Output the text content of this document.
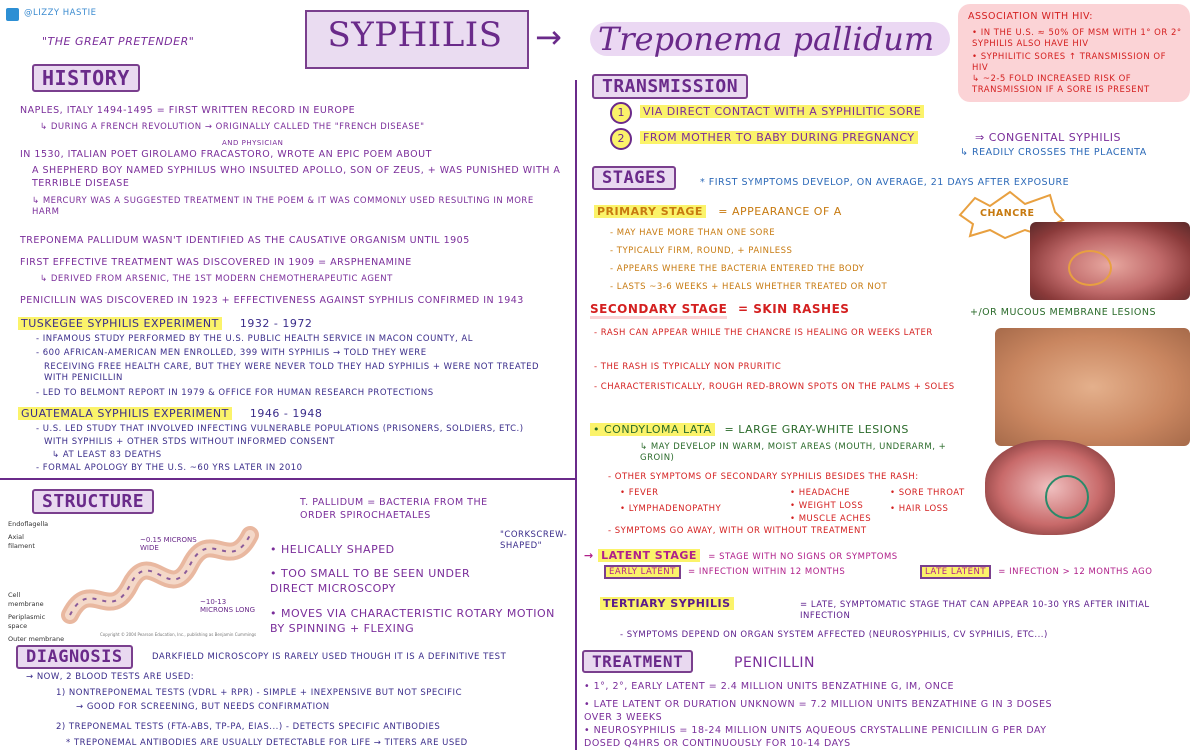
@LIZZY HASTIE
"THE GREAT PRETENDER"	SYPHILIS	→ Treponema pallidum
ASSOCIATION WITH HIV:
• IN THE U.S. ≈ 50% OF MSM WITH 1° OR 2° SYPHILIS ALSO HAVE HIV
• SYPHILITIC SORES ↑ TRANSMISSION OF HIV
↳ ~2-5 FOLD INCREASED RISK OF TRANSMISSION IF A SORE IS PRESENT
HISTORY
NAPLES, ITALY 1494-1495 = FIRST WRITTEN RECORD IN EUROPE
↳ DURING A FRENCH REVOLUTION → ORIGINALLY CALLED THE "FRENCH DISEASE"
AND PHYSICIAN
IN 1530, ITALIAN POET GIROLAMO FRACASTORO, WROTE AN EPIC POEM ABOUT
A SHEPHERD BOY NAMED SYPHILUS WHO INSULTED APOLLO, SON OF ZEUS, + WAS PUNISHED WITH A TERRIBLE DISEASE
↳ MERCURY WAS A SUGGESTED TREATMENT IN THE POEM & IT WAS COMMONLY USED RESULTING IN MORE HARM
TREPONEMA PALLIDUM WASN'T IDENTIFIED AS THE CAUSATIVE ORGANISM UNTIL 1905
FIRST EFFECTIVE TREATMENT WAS DISCOVERED IN 1909 = ARSPHENAMINE
↳ DERIVED FROM ARSENIC, THE 1ST MODERN CHEMOTHERAPEUTIC AGENT
PENICILLIN WAS DISCOVERED IN 1923 + EFFECTIVENESS AGAINST SYPHILIS CONFIRMED IN 1943
TUSKEGEE SYPHILIS EXPERIMENT 1932 - 1972
- INFAMOUS STUDY PERFORMED BY THE U.S. PUBLIC HEALTH SERVICE IN MACON COUNTY, AL
- 600 AFRICAN-AMERICAN MEN ENROLLED, 399 WITH SYPHILIS → TOLD THEY WERE
RECEIVING FREE HEALTH CARE, BUT THEY WERE NEVER TOLD THEY HAD SYPHILIS + WERE NOT TREATED WITH PENICILLIN
- LED TO BELMONT REPORT IN 1979 & OFFICE FOR HUMAN RESEARCH PROTECTIONS
GUATEMALA SYPHILIS EXPERIMENT 1946 - 1948
- U.S. LED STUDY THAT INVOLVED INFECTING VULNERABLE POPULATIONS (PRISONERS, SOLDIERS, ETC.)
WITH SYPHILIS + OTHER STDS WITHOUT INFORMED CONSENT
↳ AT LEAST 83 DEATHS
- FORMAL APOLOGY BY THE U.S. ~60 YRS LATER IN 2010
STRUCTURE
Endoflagella
Axial filament
Cell membrane
Periplasmic space
Outer membrane
~0.15 MICRONS WIDE
~10-13 MICRONS LONG
Copyright © 2004 Pearson Education, Inc., publishing as Benjamin Cummings
T. PALLIDUM = BACTERIA FROM THE ORDER SPIROCHAETALES
"CORKSCREW-SHAPED"
• HELICALLY SHAPED
• TOO SMALL TO BE SEEN UNDER DIRECT MICROSCOPY
• MOVES VIA CHARACTERISTIC ROTARY MOTION BY SPINNING + FLEXING
DIAGNOSIS	DARKFIELD MICROSCOPY IS RARELY USED THOUGH IT IS A DEFINITIVE TEST
→ NOW, 2 BLOOD TESTS ARE USED:
1) NONTREPONEMAL TESTS (VDRL + RPR) - SIMPLE + INEXPENSIVE BUT NOT SPECIFIC
→ GOOD FOR SCREENING, BUT NEEDS CONFIRMATION
2) TREPONEMAL TESTS (FTA-ABS, TP-PA, EIAS...) - DETECTS SPECIFIC ANTIBODIES
* TREPONEMAL ANTIBODIES ARE USUALLY DETECTABLE FOR LIFE → TITERS ARE USED
TRANSMISSION
1	VIA DIRECT CONTACT WITH A SYPHILITIC SORE
2	FROM MOTHER TO BABY DURING PREGNANCY	⇒ CONGENITAL SYPHILIS
↳ READILY CROSSES THE PLACENTA
STAGES	* FIRST SYMPTOMS DEVELOP, ON AVERAGE, 21 DAYS AFTER EXPOSURE
PRIMARY STAGE = APPEARANCE OF A	CHANCRE
- MAY HAVE MORE THAN ONE SORE
- TYPICALLY FIRM, ROUND, + PAINLESS
- APPEARS WHERE THE BACTERIA ENTERED THE BODY
- LASTS ~3-6 WEEKS + HEALS WHETHER TREATED OR NOT
SECONDARY STAGE = SKIN RASHES	+/OR MUCOUS MEMBRANE LESIONS
- RASH CAN APPEAR WHILE THE CHANCRE IS HEALING OR WEEKS LATER
- THE RASH IS TYPICALLY NON PRURITIC
- CHARACTERISTICALLY, ROUGH RED-BROWN SPOTS ON THE PALMS + SOLES
• CONDYLOMA LATA = LARGE GRAY-WHITE LESIONS
↳ MAY DEVELOP IN WARM, MOIST AREAS (MOUTH, UNDERARM, + GROIN)
- OTHER SYMPTOMS OF SECONDARY SYPHILIS BESIDES THE RASH:
• FEVER
• LYMPHADENOPATHY
• HEADACHE
• WEIGHT LOSS
• MUSCLE ACHES
• SORE THROAT
• HAIR LOSS
- SYMPTOMS GO AWAY, WITH OR WITHOUT TREATMENT
→ LATENT STAGE = STAGE WITH NO SIGNS OR SYMPTOMS
EARLY LATENT = INFECTION WITHIN 12 MONTHS	LATE LATENT = INFECTION > 12 MONTHS AGO
TERTIARY SYPHILIS	= LATE, SYMPTOMATIC STAGE THAT CAN APPEAR 10-30 YRS AFTER INITIAL INFECTION
- SYMPTOMS DEPEND ON ORGAN SYSTEM AFFECTED (NEUROSYPHILIS, CV SYPHILIS, ETC...)
TREATMENT	PENICILLIN
• 1°, 2°, EARLY LATENT = 2.4 MILLION UNITS BENZATHINE G, IM, ONCE
• LATE LATENT OR DURATION UNKNOWN = 7.2 MILLION UNITS BENZATHINE G IN 3 DOSES OVER 3 WEEKS
• NEUROSYPHILIS = 18-24 MILLION UNITS AQUEOUS CRYSTALLINE PENICILLIN G PER DAY DOSED Q4HRS OR CONTINUOUSLY FOR 10-14 DAYS
